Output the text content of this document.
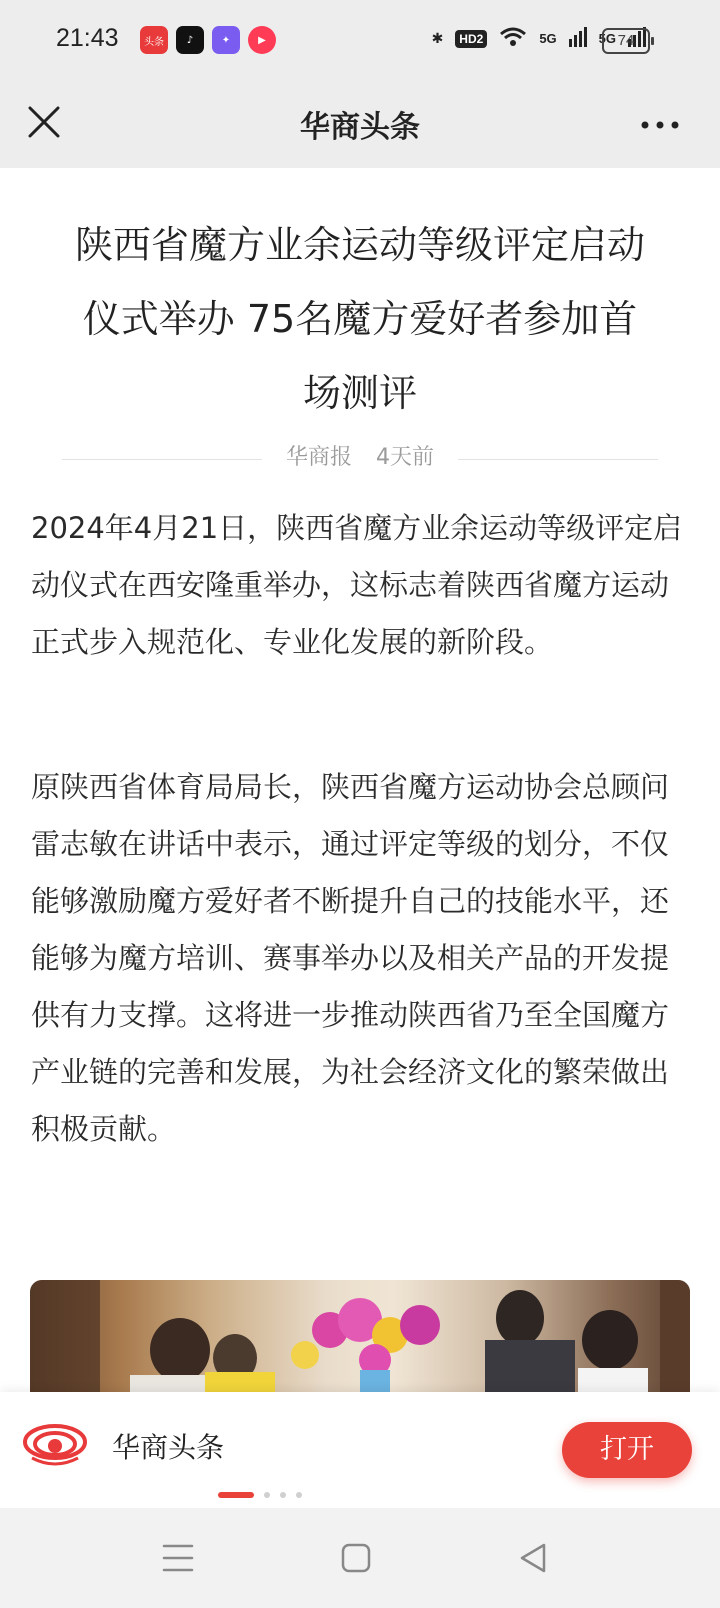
21:43	头条	♪	✦	▶	✱	HD2	5G	5G 74
华商头条
陕西省魔方业余运动等级评定启动仪式举办 75名魔方爱好者参加首场测评
华商报 4天前
2024年4月21日，陕西省魔方业余运动等级评定启动仪式在西安隆重举办，这标志着陕西省魔方运动正式步入规范化、专业化发展的新阶段。
原陕西省体育局局长，陕西省魔方运动协会总顾问雷志敏在讲话中表示，通过评定等级的划分，不仅能够激励魔方爱好者不断提升自己的技能水平，还能够为魔方培训、赛事举办以及相关产品的开发提供有力支撑。这将进一步推动陕西省乃至全国魔方产业链的完善和发展，为社会经济文化的繁荣做出积极贡献。
华商头条	打开
